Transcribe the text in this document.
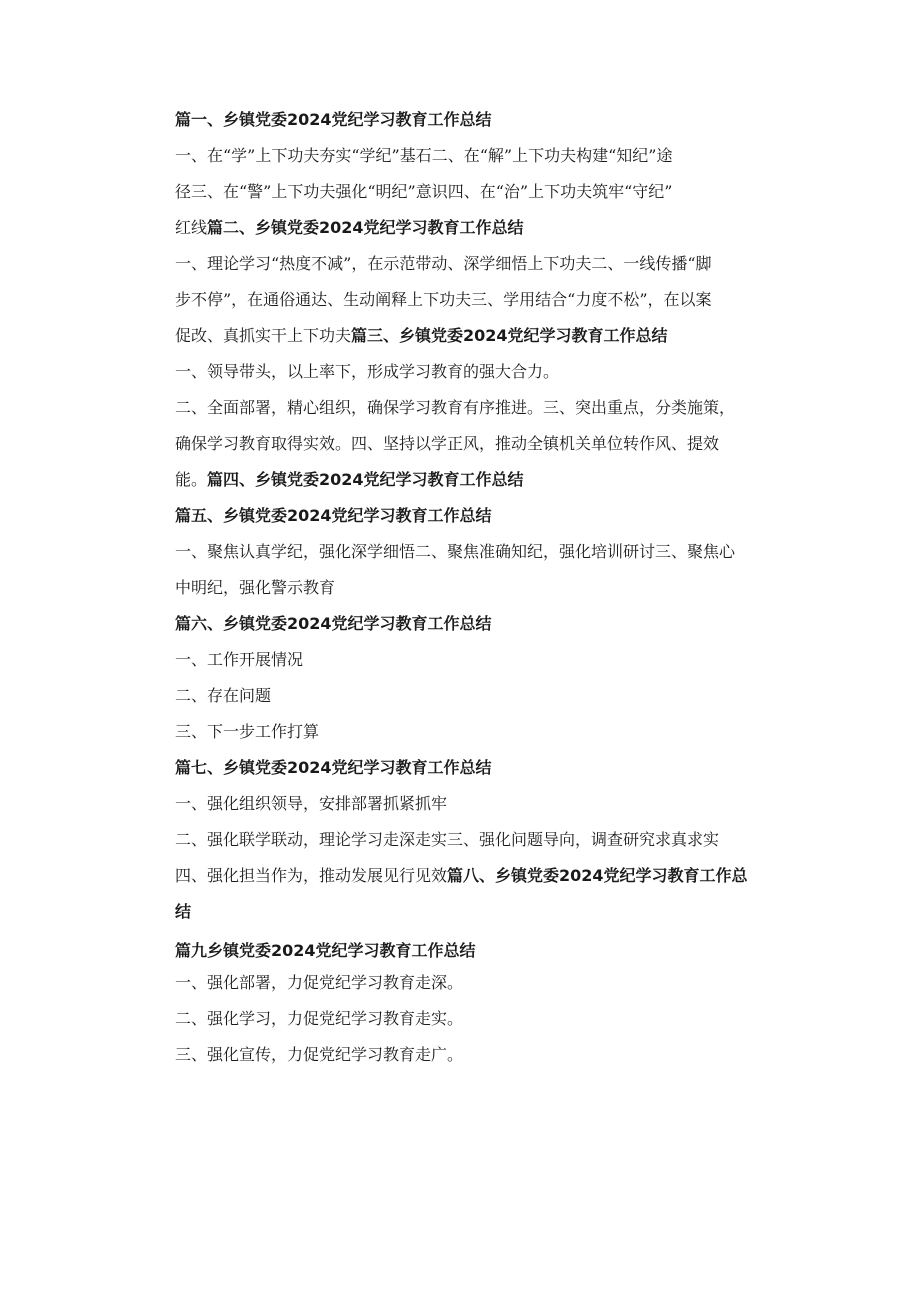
篇一、乡镇党委2024党纪学习教育工作总结
一、在“学”上下功夫夯实“学纪”基石二、在“解”上下功夫构建“知纪”途
径三、在“警”上下功夫强化“明纪”意识四、在“治”上下功夫筑牢“守纪”
红线篇二、乡镇党委2024党纪学习教育工作总结
一、理论学习“热度不减”，在示范带动、深学细悟上下功夫二、一线传播“脚
步不停”，在通俗通达、生动阐释上下功夫三、学用结合“力度不松”，在以案
促改、真抓实干上下功夫篇三、乡镇党委2024党纪学习教育工作总结
一、领导带头，以上率下，形成学习教育的强大合力。
二、全面部署，精心组织，确保学习教育有序推进。三、突出重点，分类施策，
确保学习教育取得实效。四、坚持以学正风，推动全镇机关单位转作风、提效
能。篇四、乡镇党委2024党纪学习教育工作总结
篇五、乡镇党委2024党纪学习教育工作总结
一、聚焦认真学纪，强化深学细悟二、聚焦准确知纪，强化培训研讨三、聚焦心
中明纪，强化警示教育
篇六、乡镇党委2024党纪学习教育工作总结
一、工作开展情况
二、存在问题
三、下一步工作打算
篇七、乡镇党委2024党纪学习教育工作总结
一、强化组织领导，安排部署抓紧抓牢
二、强化联学联动，理论学习走深走实三、强化问题导向，调查研究求真求实
四、强化担当作为，推动发展见行见效篇八、乡镇党委2024党纪学习教育工作总
结
篇九乡镇党委2024党纪学习教育工作总结
一、强化部署，力促党纪学习教育走深。
二、强化学习，力促党纪学习教育走实。
三、强化宣传，力促党纪学习教育走广。
